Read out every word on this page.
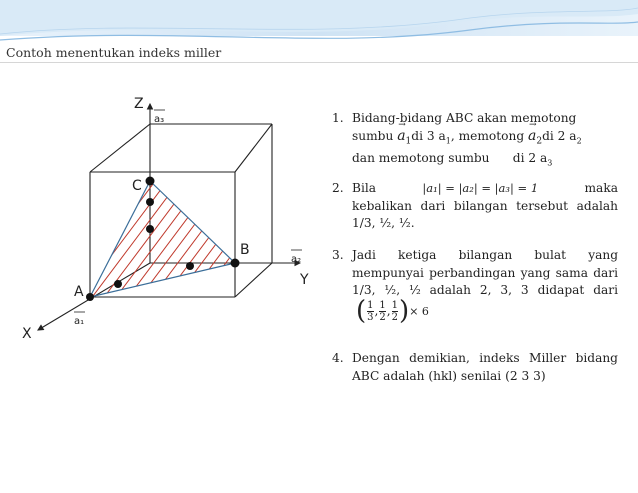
Contoh menentukan indeks miller
Z
Y
X
C
B
A
a₃
a₂
a₁
1. Bidang-bidang ABC akan memotong
sumbu → $a_1di$ 3 $a_1$, memotong → $a_2di$ 2 $a_2$
dan memotong sumbu      di 2 $a_3$
2. Bila	|a₁| = |a₂| = |a₃| = 1	maka
kebalikan dari bilangan tersebut adalah 1/3, ½, ½.
3. Jadi ketiga bilangan bulat yang mempunyai perbandingan yang sama dari 1/3, ½, ½ adalah 2, 3, 3 didapat dari ( $\frac{1}{3}$ , $\frac{1}{2}$ , $\frac{1}{2}$ )× 6
4. Dengan demikian, indeks Miller bidang ABC adalah (hkl) senilai (2 3 3)
